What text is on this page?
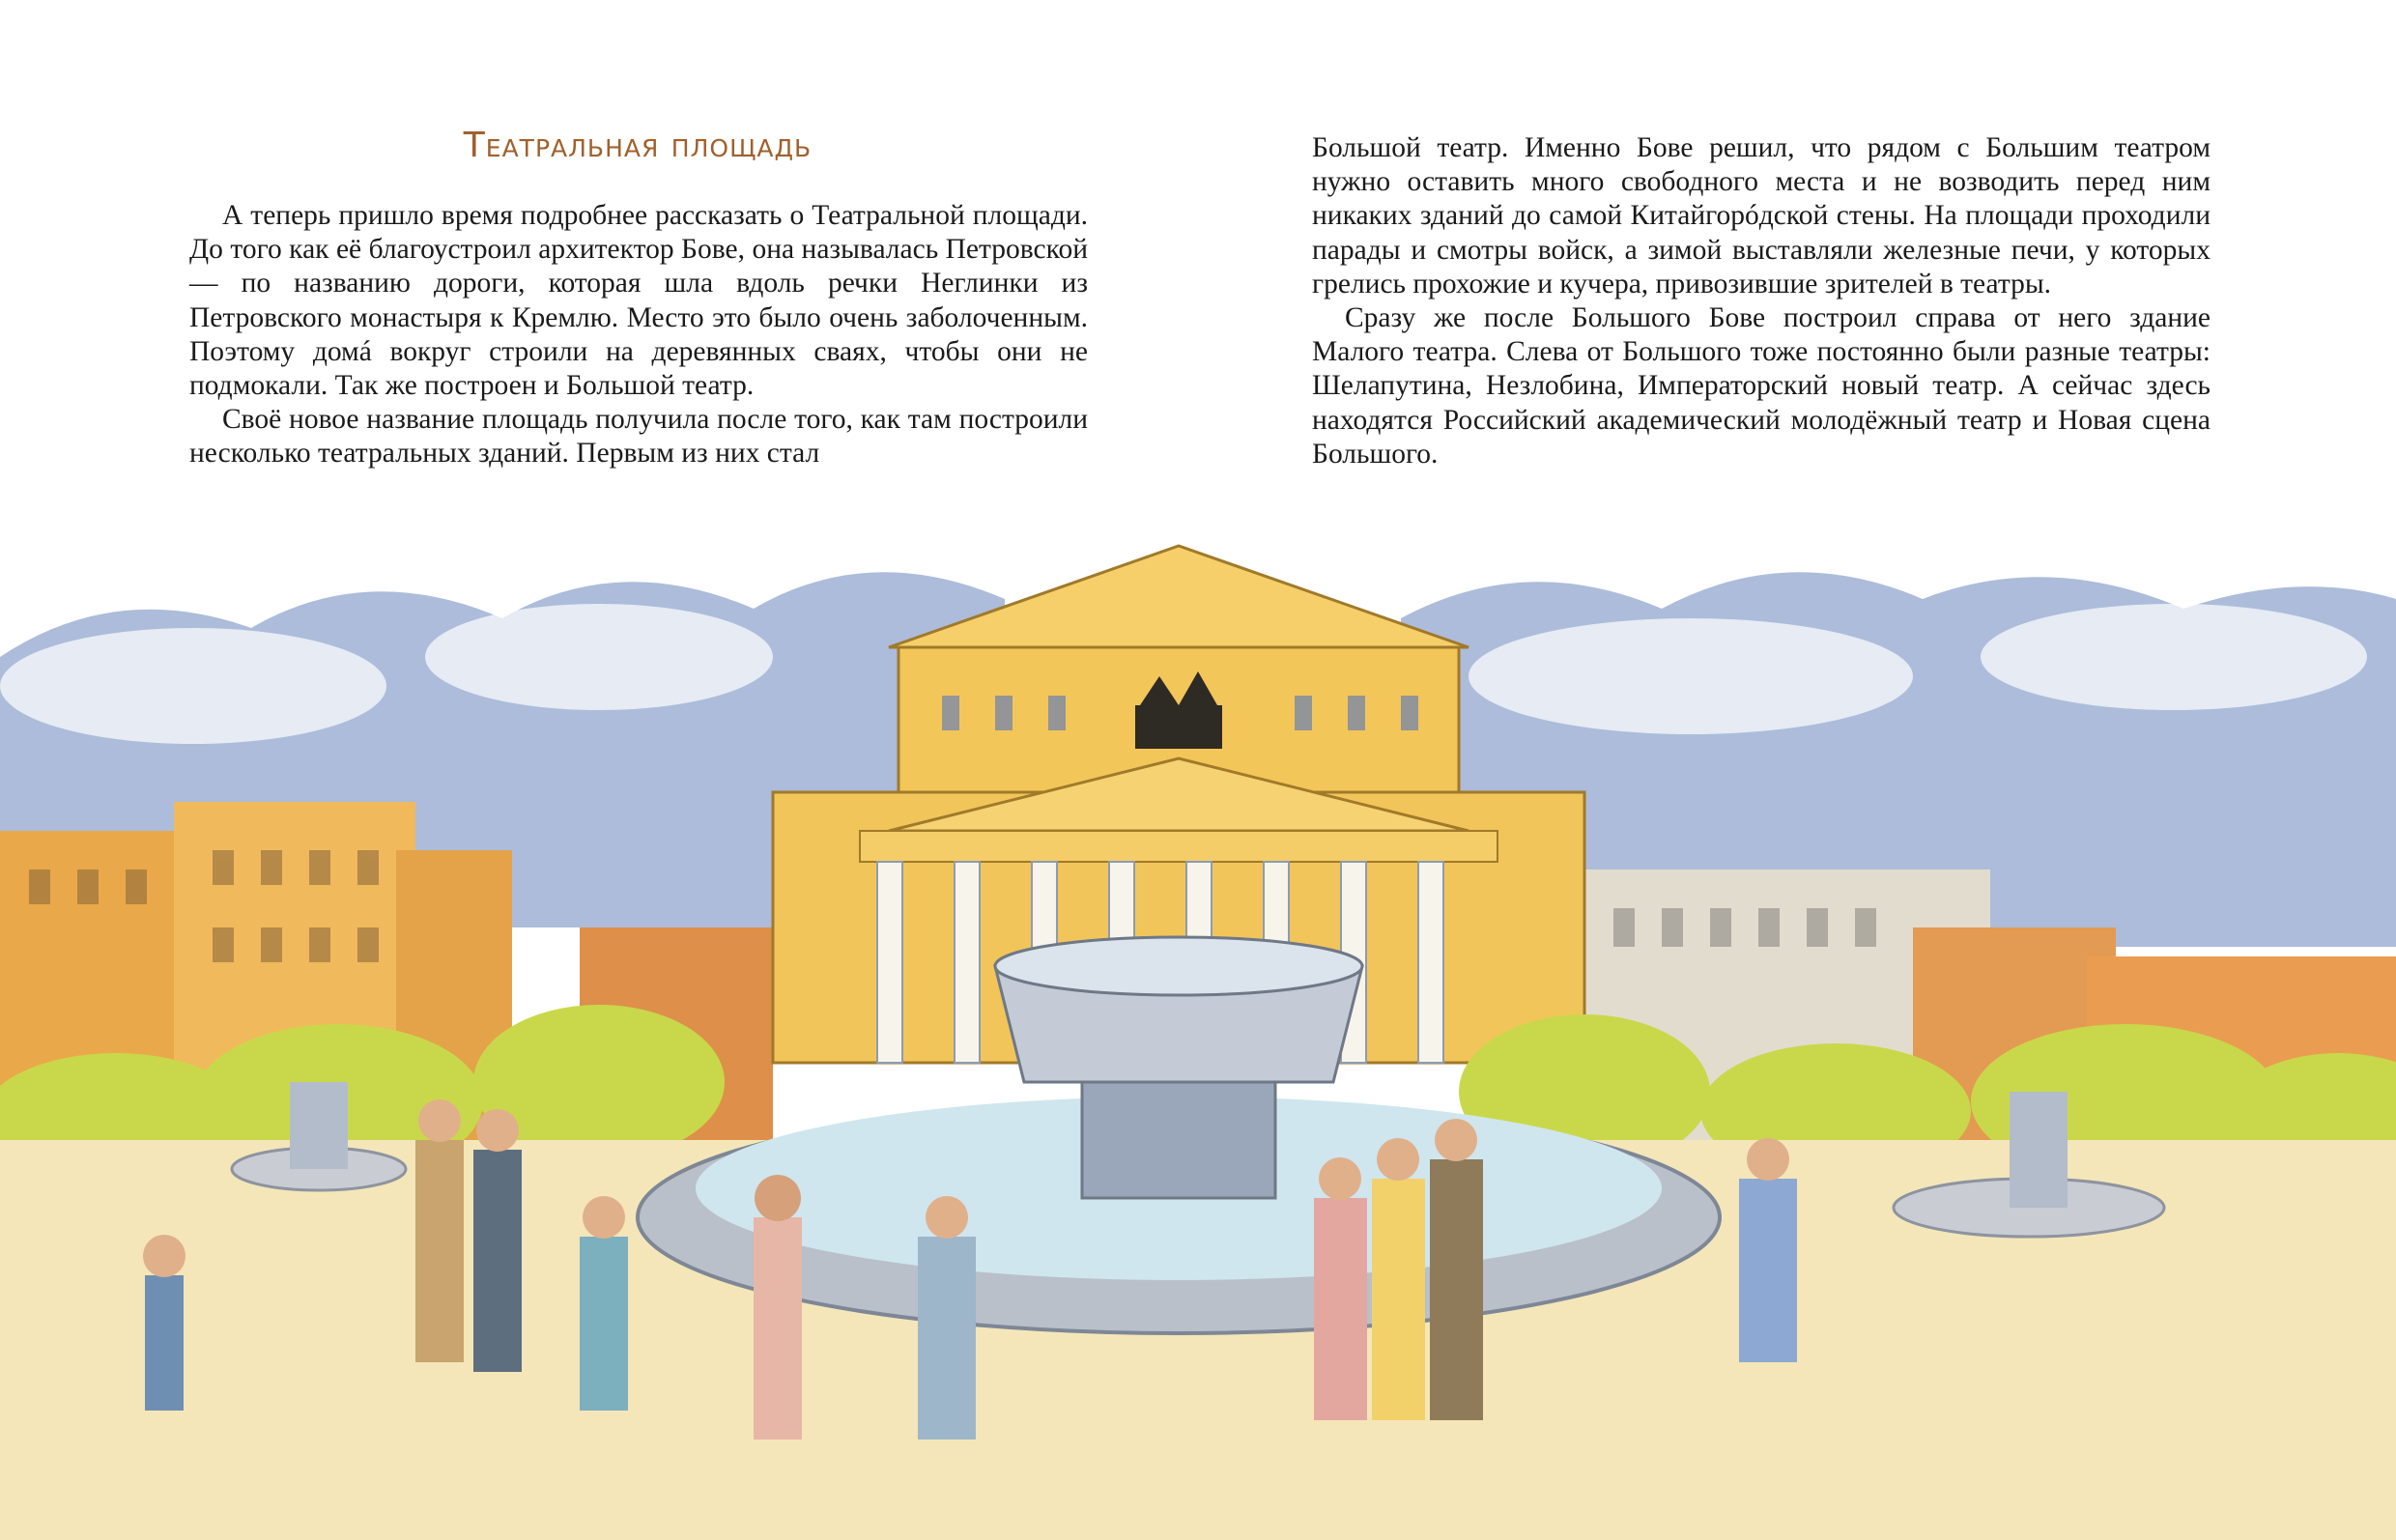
Театральная площадь

А теперь пришло время подробнее рассказать о Театральной площади. До того как её благоустроил архитектор Бове, она называлась Петровской — по названию дороги, которая шла вдоль речки Неглинки из Петровского монастыря к Кремлю. Место это было очень заболоченным. Поэтому домá вокруг строили на деревянных сваях, чтобы они не подмокали. Так же построен и Большой театр.

Своё новое название площадь получила после того, как там построили несколько театральных зданий. Первым из них стал

Большой театр. Именно Бове решил, что рядом с Большим театром нужно оставить много свободного места и не возводить перед ним никаких зданий до самой Китайгорóдской стены. На площади проходили парады и смотры войск, а зимой выставляли железные печи, у которых грелись прохожие и кучера, привозившие зрителей в театры.

Сразу же после Большого Бове построил справа от него здание Малого театра. Слева от Большого тоже постоянно были разные театры: Шелапутина, Незлобина, Императорский новый театр. А сейчас здесь находятся Российский академический молодёжный театр и Новая сцена Большого.
